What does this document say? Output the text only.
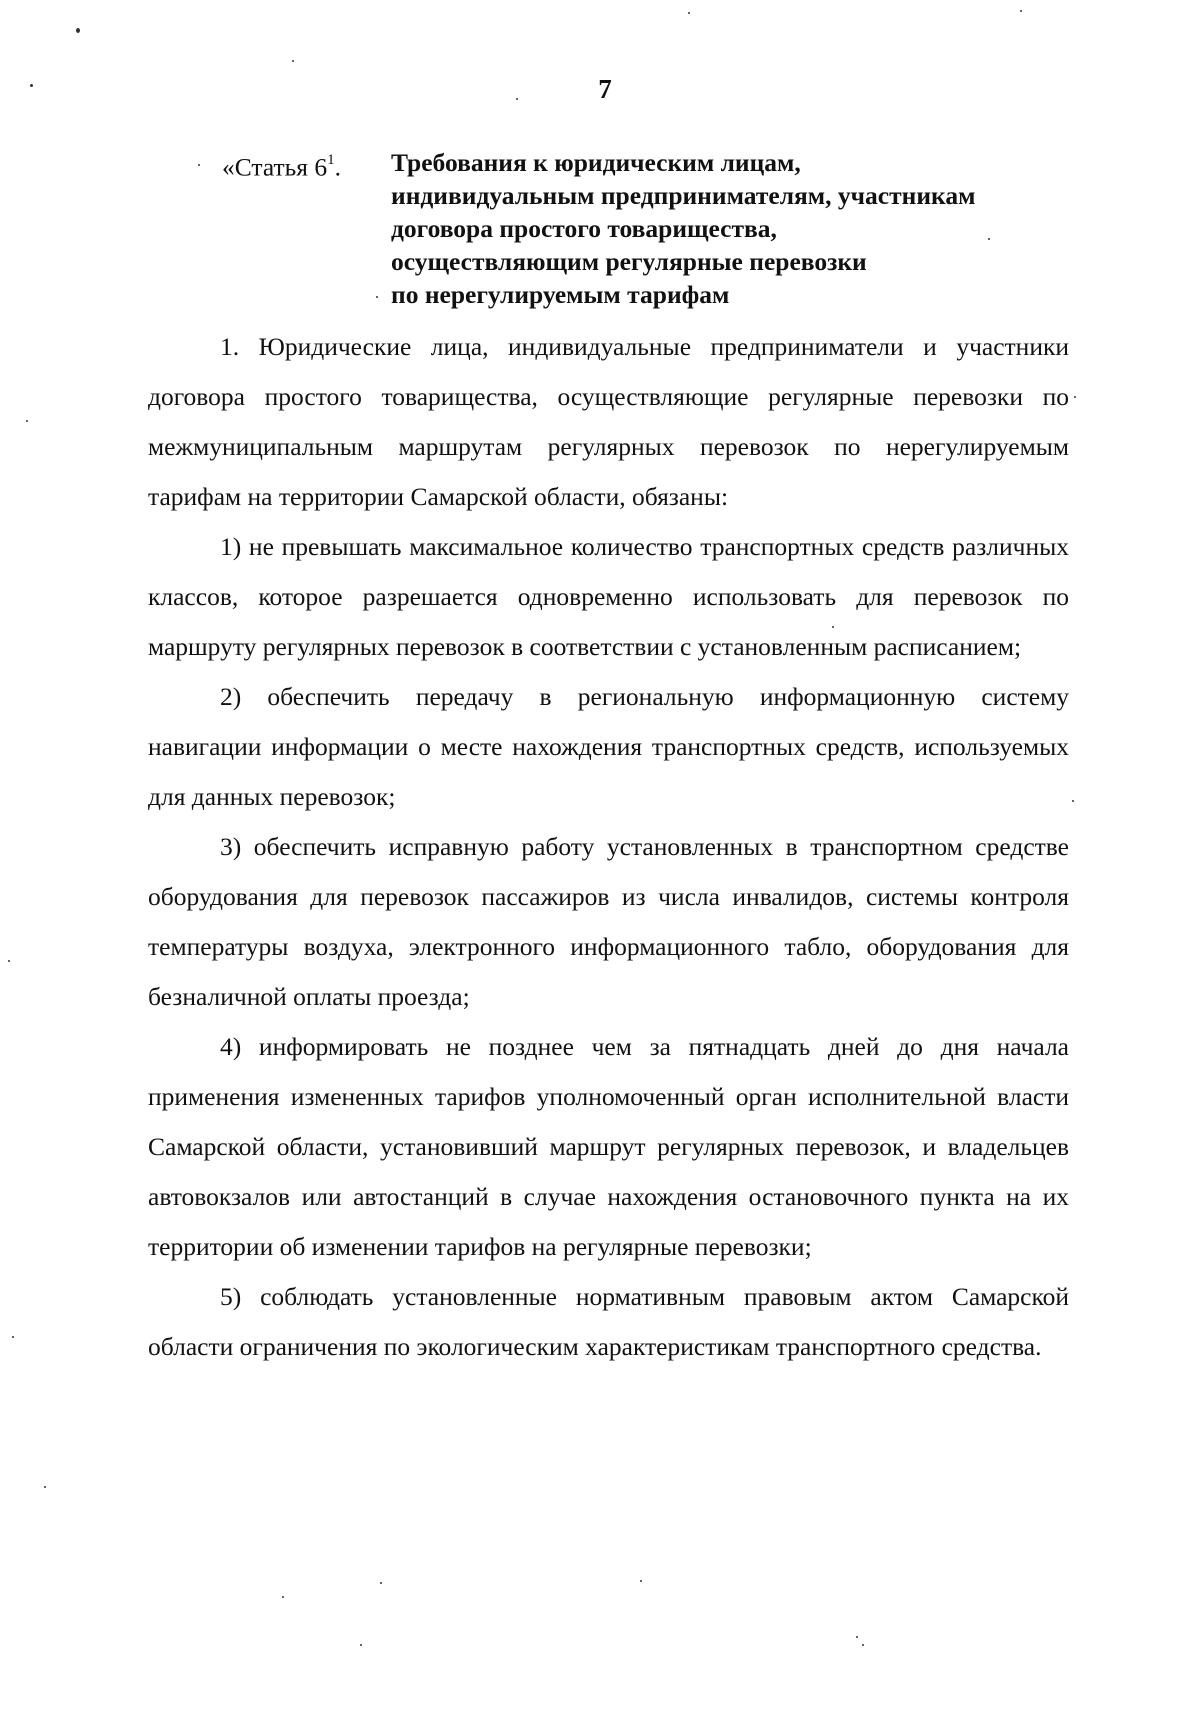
7
«Статья $6^1$. Требования к юридическим лицам,
индивидуальным предпринимателям, участникам
договора простого товарищества,
осуществляющим регулярные перевозки
по нерегулируемым тарифам

1. Юридические лица, индивидуальные предприниматели и участники договора простого товарищества, осуществляющие регулярные перевозки по межмуниципальным маршрутам регулярных перевозок по нерегулируемым тарифам на территории Самарской области, обязаны:

1) не превышать максимальное количество транспортных средств различных классов, которое разрешается одновременно использовать для перевозок по маршруту регулярных перевозок в соответствии с установленным расписанием;

2) обеспечить передачу в региональную информационную систему навигации информации о месте нахождения транспортных средств, используемых для данных перевозок;

3) обеспечить исправную работу установленных в транспортном средстве оборудования для перевозок пассажиров из числа инвалидов, системы контроля температуры воздуха, электронного информационного табло, оборудования для безналичной оплаты проезда;

4) информировать не позднее чем за пятнадцать дней до дня начала применения измененных тарифов уполномоченный орган исполнительной власти Самарской области, установивший маршрут регулярных перевозок, и владельцев автовокзалов или автостанций в случае нахождения остановочного пункта на их территории об изменении тарифов на регулярные перевозки;

5) соблюдать установленные нормативным правовым актом Самарской области ограничения по экологическим характеристикам транспортного средства.
